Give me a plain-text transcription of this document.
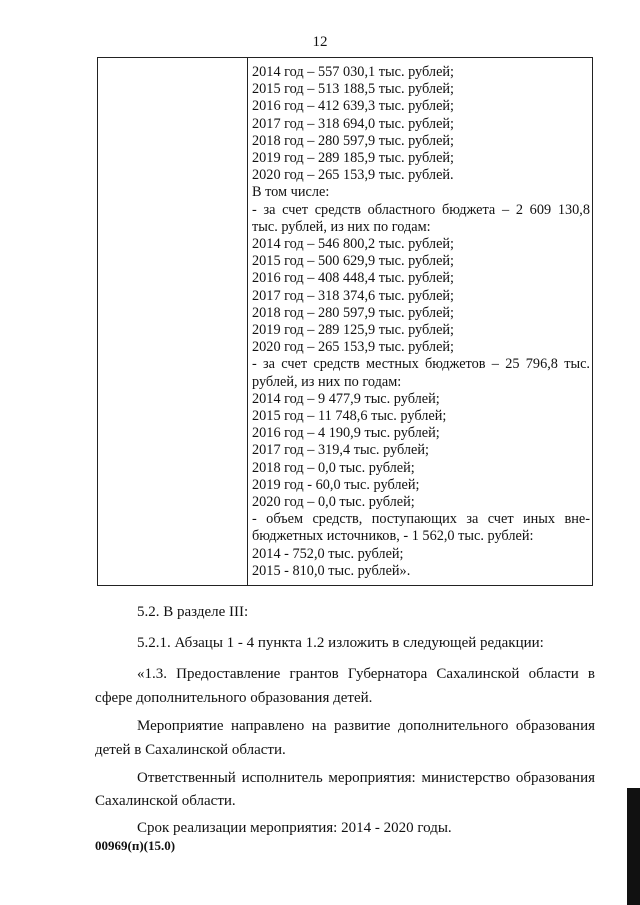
12
2014 год – 557 030,1 тыс. рублей;
2015 год – 513 188,5 тыс. рублей;
2016 год – 412 639,3 тыс. рублей;
2017 год – 318 694,0 тыс. рублей;
2018 год – 280 597,9 тыс. рублей;
2019 год – 289 185,9 тыс. рублей;
2020 год – 265 153,9 тыс. рублей.
В том числе:
- за счет средств областного бюджета – 2 609 130,8
тыс. рублей, из них по годам:
2014 год – 546 800,2 тыс. рублей;
2015 год – 500 629,9 тыс. рублей;
2016 год – 408 448,4 тыс. рублей;
2017 год – 318 374,6 тыс. рублей;
2018 год – 280 597,9 тыс. рублей;
2019 год – 289 125,9 тыс. рублей;
2020 год – 265 153,9 тыс. рублей;
- за счет средств местных бюджетов – 25 796,8 тыс.
рублей, из них по годам:
2014 год – 9 477,9 тыс. рублей;
2015 год – 11 748,6 тыс. рублей;
2016 год – 4 190,9 тыс. рублей;
2017 год – 319,4 тыс. рублей;
2018 год – 0,0 тыс. рублей;
2019 год - 60,0 тыс. рублей;
2020 год – 0,0 тыс. рублей;
- объем средств, поступающих за счет иных вне-
бюджетных источников, - 1 562,0 тыс. рублей:
2014 - 752,0 тыс. рублей;
2015 - 810,0 тыс. рублей».
5.2. В разделе III:
5.2.1. Абзацы 1 - 4 пункта 1.2 изложить в следующей редакции:
«1.3. Предоставление грантов Губернатора Сахалинской области в
сфере дополнительного образования детей.
Мероприятие направлено на развитие дополнительного образования
детей в Сахалинской области.
Ответственный исполнитель мероприятия: министерство образования
Сахалинской области.
Срок реализации мероприятия: 2014 - 2020 годы.
00969(п)(15.0)
